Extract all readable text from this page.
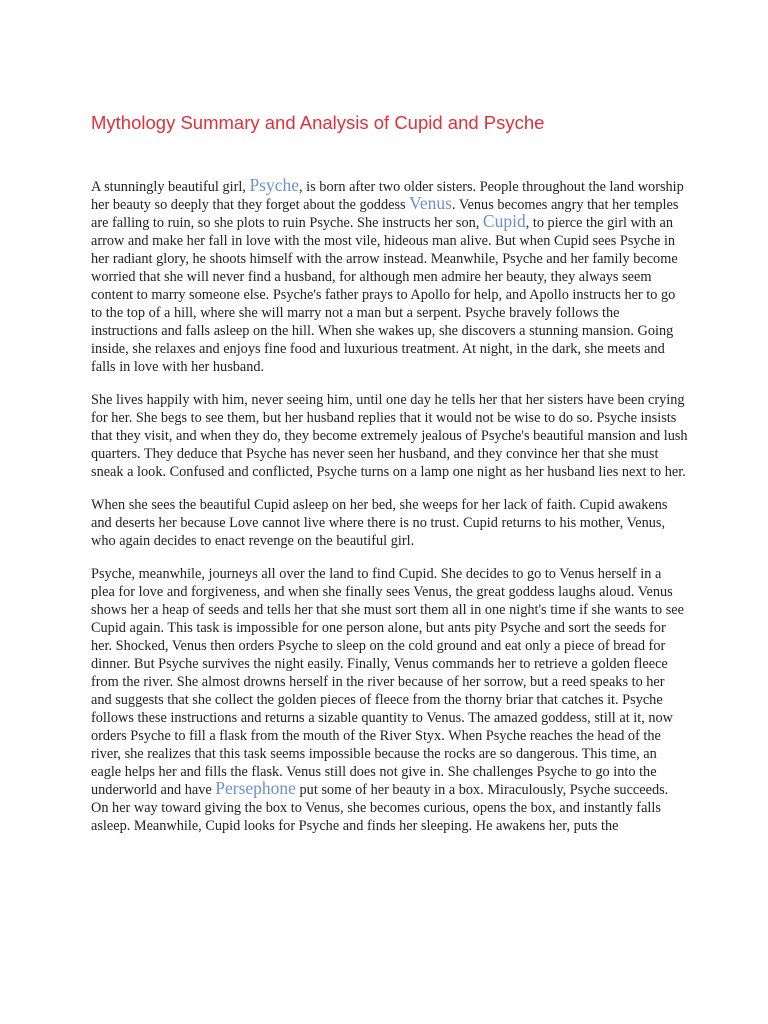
Mythology Summary and Analysis of Cupid and Psyche

A stunningly beautiful girl, Psyche, is born after two older sisters. People throughout the land worship her beauty so deeply that they forget about the goddess Venus. Venus becomes angry that her temples are falling to ruin, so she plots to ruin Psyche. She instructs her son, Cupid, to pierce the girl with an arrow and make her fall in love with the most vile, hideous man alive. But when Cupid sees Psyche in her radiant glory, he shoots himself with the arrow instead. Meanwhile, Psyche and her family become worried that she will never find a husband, for although men admire her beauty, they always seem content to marry someone else. Psyche's father prays to Apollo for help, and Apollo instructs her to go to the top of a hill, where she will marry not a man but a serpent. Psyche bravely follows the instructions and falls asleep on the hill. When she wakes up, she discovers a stunning mansion. Going inside, she relaxes and enjoys fine food and luxurious treatment. At night, in the dark, she meets and falls in love with her husband.

She lives happily with him, never seeing him, until one day he tells her that her sisters have been crying for her. She begs to see them, but her husband replies that it would not be wise to do so. Psyche insists that they visit, and when they do, they become extremely jealous of Psyche's beautiful mansion and lush quarters. They deduce that Psyche has never seen her husband, and they convince her that she must sneak a look. Confused and conflicted, Psyche turns on a lamp one night as her husband lies next to her.

When she sees the beautiful Cupid asleep on her bed, she weeps for her lack of faith. Cupid awakens and deserts her because Love cannot live where there is no trust. Cupid returns to his mother, Venus, who again decides to enact revenge on the beautiful girl.

Psyche, meanwhile, journeys all over the land to find Cupid. She decides to go to Venus herself in a plea for love and forgiveness, and when she finally sees Venus, the great goddess laughs aloud. Venus shows her a heap of seeds and tells her that she must sort them all in one night's time if she wants to see Cupid again. This task is impossible for one person alone, but ants pity Psyche and sort the seeds for her. Shocked, Venus then orders Psyche to sleep on the cold ground and eat only a piece of bread for dinner. But Psyche survives the night easily. Finally, Venus commands her to retrieve a golden fleece from the river. She almost drowns herself in the river because of her sorrow, but a reed speaks to her and suggests that she collect the golden pieces of fleece from the thorny briar that catches it. Psyche follows these instructions and returns a sizable quantity to Venus. The amazed goddess, still at it, now orders Psyche to fill a flask from the mouth of the River Styx. When Psyche reaches the head of the river, she realizes that this task seems impossible because the rocks are so dangerous. This time, an eagle helps her and fills the flask. Venus still does not give in. She challenges Psyche to go into the underworld and have Persephone put some of her beauty in a box. Miraculously, Psyche succeeds.

On her way toward giving the box to Venus, she becomes curious, opens the box, and instantly falls asleep. Meanwhile, Cupid looks for Psyche and finds her sleeping. He awakens her, puts the
